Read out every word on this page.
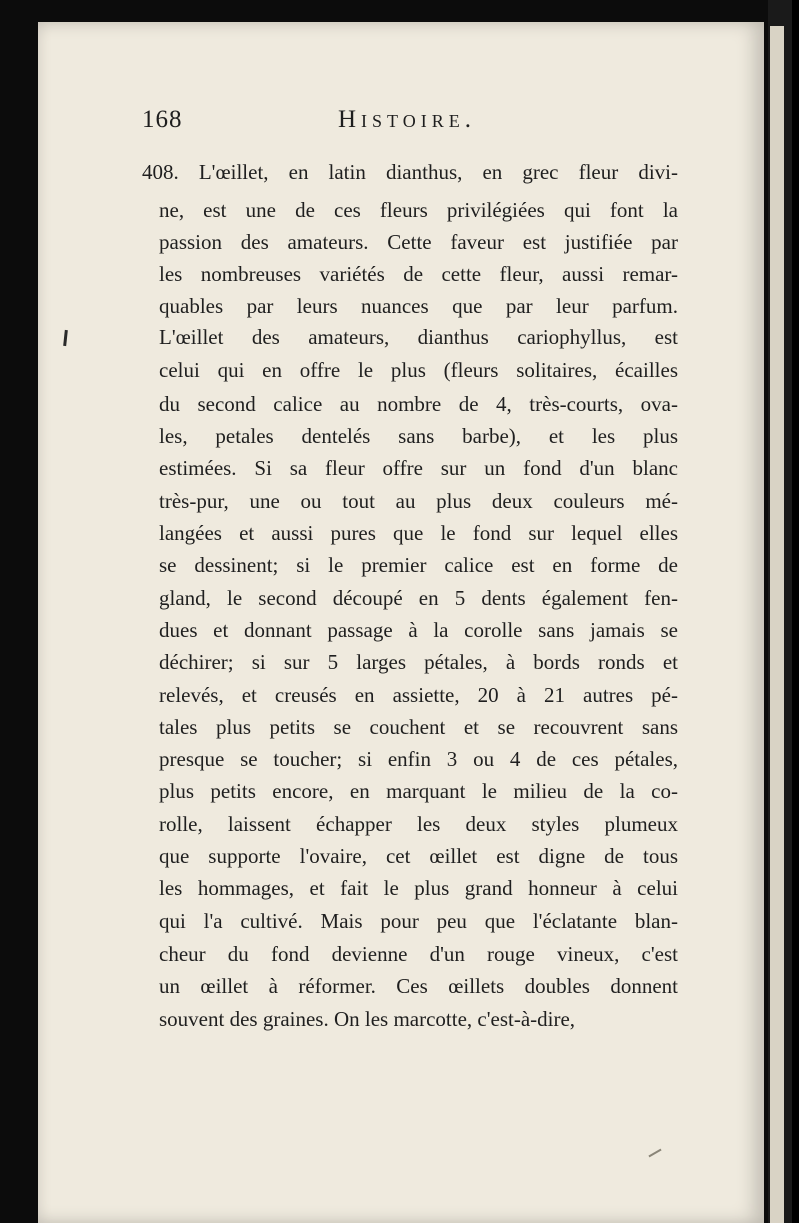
168	Histoire.
408. L'œillet, en latin dianthus, en grec fleur divi-
ne, est une de ces fleurs privilégiées qui font la
passion des amateurs. Cette faveur est justifiée par
les nombreuses variétés de cette fleur, aussi remar-
quables par leurs nuances que par leur parfum.
L'œillet des amateurs, dianthus cariophyllus, est
celui qui en offre le plus (fleurs solitaires, écailles
du second calice au nombre de 4, très-courts, ova-
les, petales dentelés sans barbe), et les plus
estimées. Si sa fleur offre sur un fond d'un blanc
très-pur, une ou tout au plus deux couleurs mé-
langées et aussi pures que le fond sur lequel elles
se dessinent; si le premier calice est en forme de
gland, le second découpé en 5 dents également fen-
dues et donnant passage à la corolle sans jamais se
déchirer; si sur 5 larges pétales, à bords ronds et
relevés, et creusés en assiette, 20 à 21 autres pé-
tales plus petits se couchent et se recouvrent sans
presque se toucher; si enfin 3 ou 4 de ces pétales,
plus petits encore, en marquant le milieu de la co-
rolle, laissent échapper les deux styles plumeux
que supporte l'ovaire, cet œillet est digne de tous
les hommages, et fait le plus grand honneur à celui
qui l'a cultivé. Mais pour peu que l'éclatante blan-
cheur du fond devienne d'un rouge vineux, c'est
un œillet à réformer. Ces œillets doubles donnent
souvent des graines. On les marcotte, c'est-à-dire,
